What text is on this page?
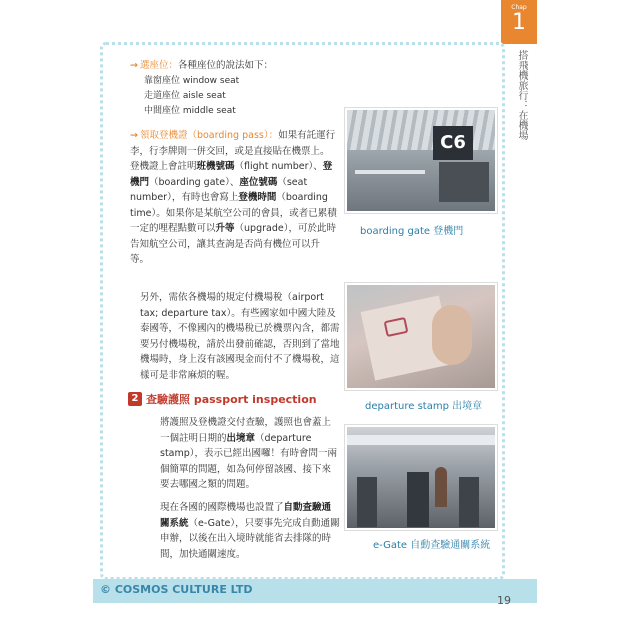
Chap
1
搭飛機旅行：在機場
→ 選座位：各種座位的說法如下：
靠窗座位 window seat
走道座位 aisle seat
中間座位 middle seat
→ 領取登機證（boarding pass）：如果有託運行李，行李牌則一併交回，或是直接貼在機票上。登機證上會註明班機號碼（flight number）、登機門（boarding gate）、座位號碼（seat number），有時也會寫上登機時間（boarding time）。如果你是某航空公司的會員，或者已累積一定的哩程點數可以升等（upgrade），可於此時告知航空公司，讓其查詢是否尚有機位可以升等。
另外，需依各機場的規定付機場稅（airport tax; departure tax）。有些國家如中國大陸及泰國等，不像國內的機場稅已於機票內含，都需要另付機場稅，請於出發前確認，否則到了當地機場時，身上沒有該國現金而付不了機場稅，這樣可是非常麻煩的喔。
2 查驗護照 passport inspection
將護照及登機證交付查驗，護照也會蓋上一個註明日期的出境章（departure stamp），表示已經出國囉！有時會問一兩個簡單的問題，如為何停留該國、接下來要去哪國之類的問題。
現在各國的國際機場也設置了自動查驗通關系統（e-Gate），只要事先完成自動通關申辦，以後在出入境時就能省去排隊的時間，加快通關速度。
C6
boarding gate 登機門
departure stamp 出境章
e-Gate 自動查驗通關系統
© COSMOS CULTURE LTD
19
